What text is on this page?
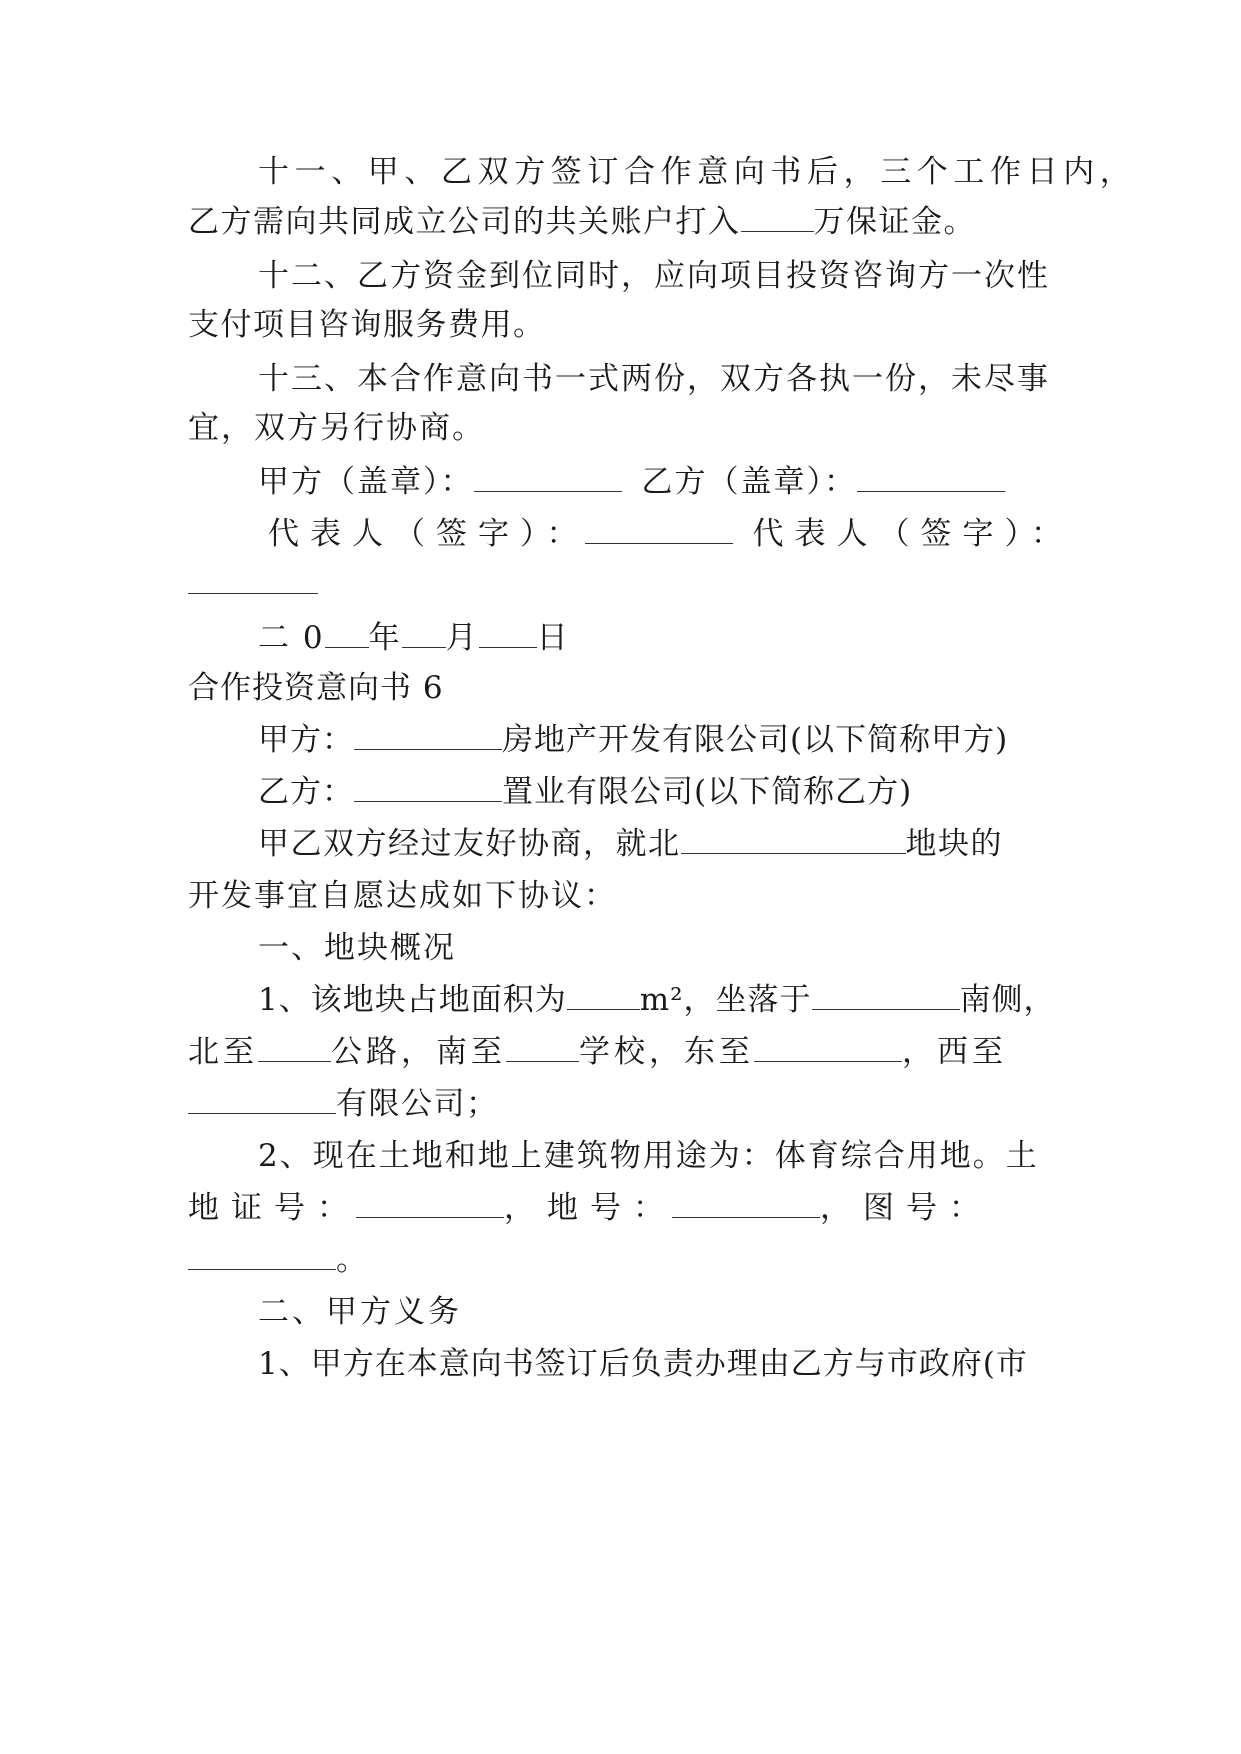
十一、甲、乙双方签订合作意向书后，三个工作日内，

乙方需向共同成立公司的共关账户打入 万保证金。

十二、乙方资金到位同时，应向项目投资咨询方一次性

支付项目咨询服务费用。

十三、本合作意向书一式两份，双方各执一份，未尽事

宜，双方另行协商。

甲方（盖章）：	乙方（盖章）：

代表人（签字）：	代表人（签字）：

二 0 年 月 日

合作投资意向书 6

甲方：	房地产开发有限公司(以下简称甲方)

乙方：	置业有限公司(以下简称乙方)

甲乙双方经过友好协商，就北	地块的

开发事宜自愿达成如下协议：

一、地块概况

1、该地块占地面积为 m²，坐落于	南侧，

北至 公路，南至 学校，东至	，西至

有限公司；

2、现在土地和地上建筑物用途为：体育综合用地。土

地证号：	，地号：	，图号：

。

二、甲方义务

1、甲方在本意向书签订后负责办理由乙方与市政府(市
